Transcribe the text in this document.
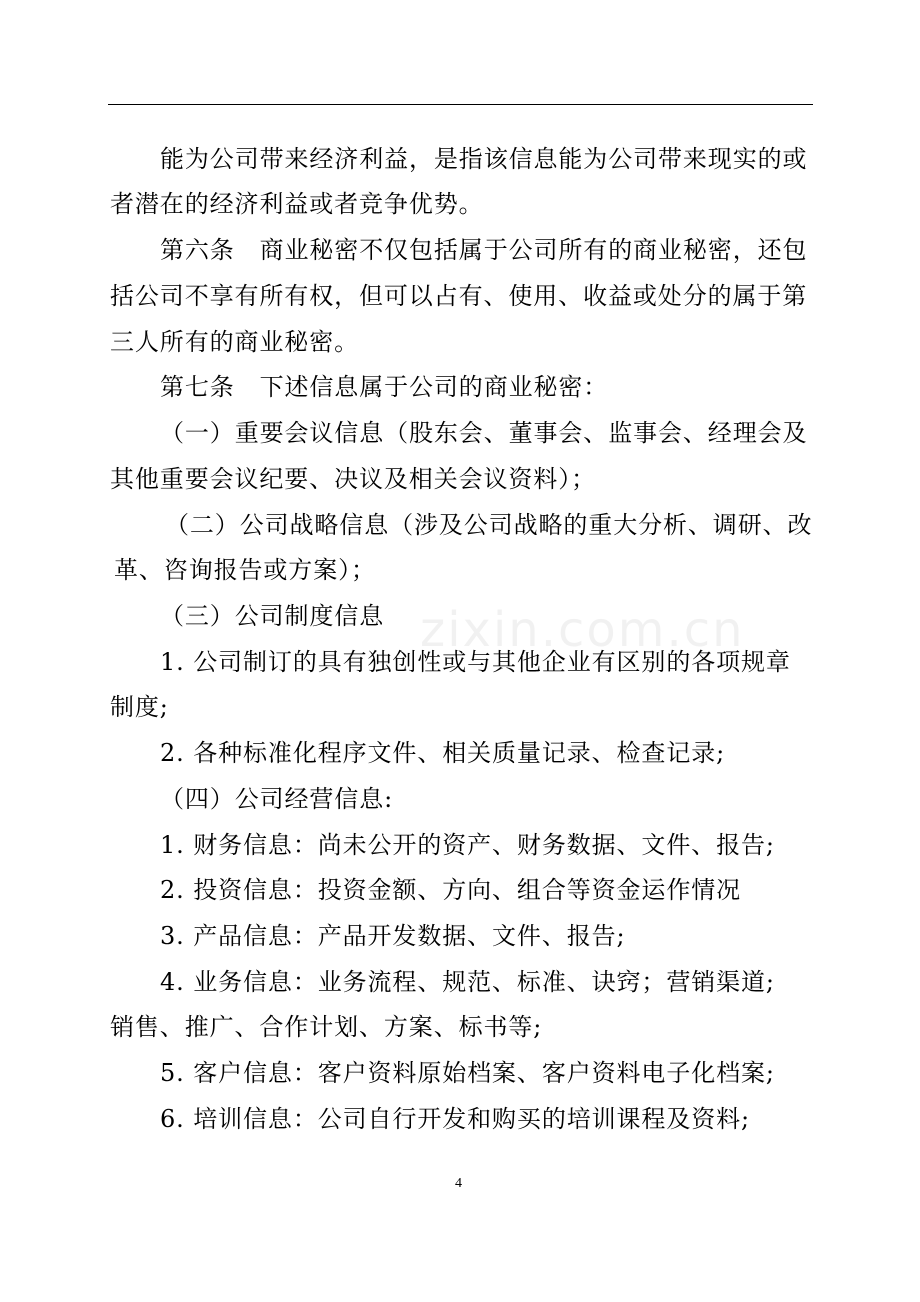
zixin.com.cn
能为公司带来经济利益，是指该信息能为公司带来现实的或
者潜在的经济利益或者竞争优势。
第六条　商业秘密不仅包括属于公司所有的商业秘密，还包
括公司不享有所有权，但可以占有、使用、收益或处分的属于第
三人所有的商业秘密。
第七条　下述信息属于公司的商业秘密：
（一）重要会议信息（股东会、董事会、监事会、经理会及
其他重要会议纪要、决议及相关会议资料）；
（二）公司战略信息（涉及公司战略的重大分析、调研、改
革、咨询报告或方案）；
（三）公司制度信息
1. 公司制订的具有独创性或与其他企业有区别的各项规章
制度;
2. 各种标准化程序文件、相关质量记录、检查记录;
（四）公司经营信息:
1. 财务信息：尚未公开的资产、财务数据、文件、报告;
2. 投资信息：投资金额、方向、组合等资金运作情况
3. 产品信息：产品开发数据、文件、报告;
4. 业务信息：业务流程、规范、标准、诀窍；营销渠道;
销售、推广、合作计划、方案、标书等;
5. 客户信息：客户资料原始档案、客户资料电子化档案;
6. 培训信息：公司自行开发和购买的培训课程及资料;
4
